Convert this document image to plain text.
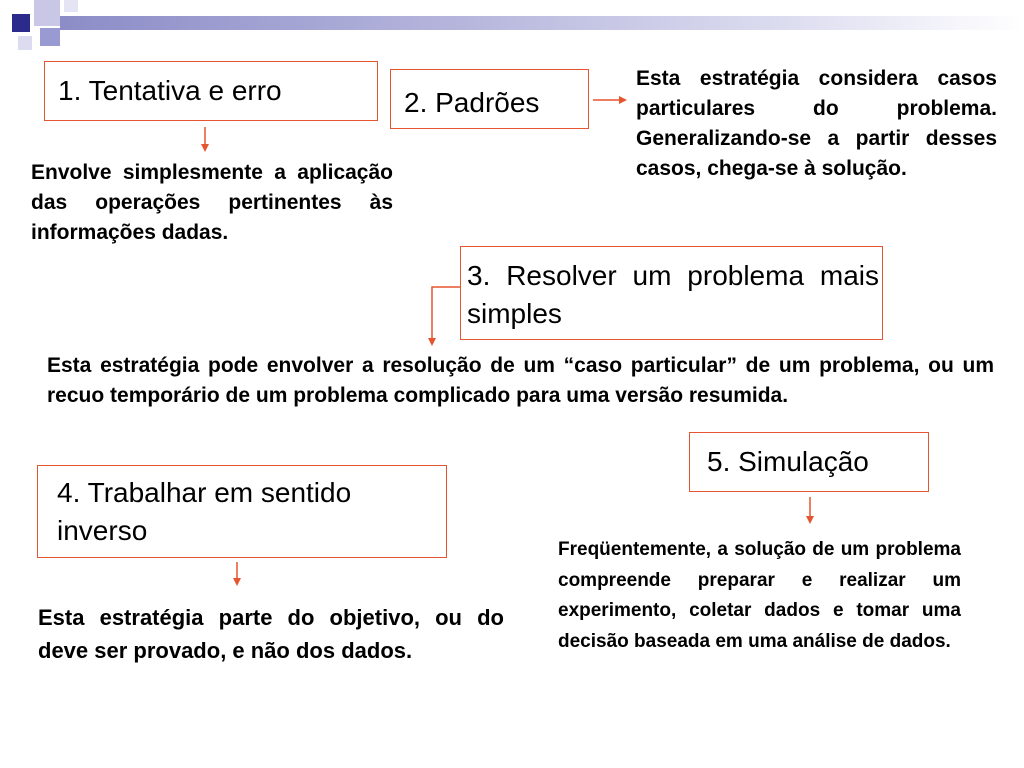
1. Tentativa e erro
Envolve simplesmente a aplicação das operações pertinentes às informações dadas.
2. Padrões
Esta estratégia considera casos particulares do problema. Generalizando-se a partir desses casos, chega-se à solução.
3. Resolver um problema mais simples
Esta estratégia pode envolver a resolução de um “caso particular” de um problema, ou um recuo temporário de um problema complicado para uma versão resumida.
4. Trabalhar em sentido inverso
Esta estratégia parte do objetivo, ou do deve ser provado, e não dos dados.
5. Simulação
Freqüentemente, a solução de um problema compreende preparar e realizar um experimento, coletar dados e tomar uma decisão baseada em uma análise de dados.
